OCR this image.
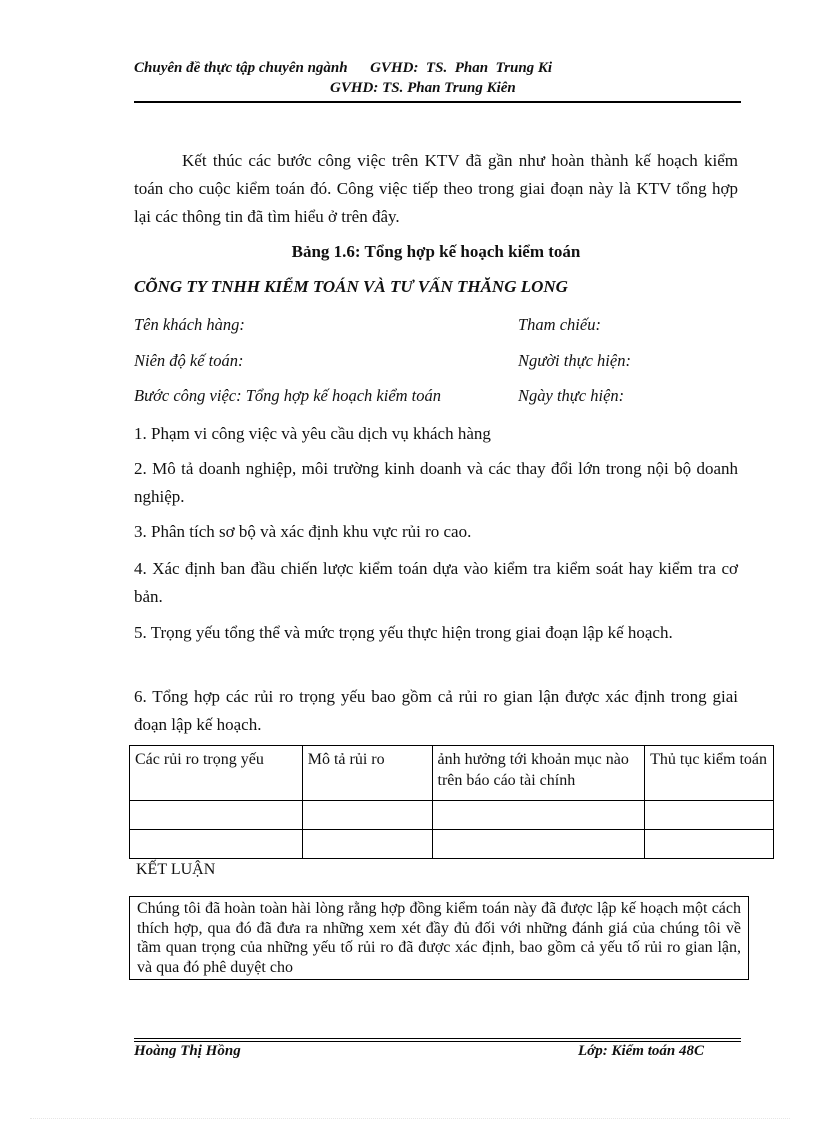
Chuyên đề thực tập chuyên ngành      GVHD:  TS.  Phan  Trung Ki
GVHD: TS. Phan Trung Kiên
Kết thúc các bước công việc trên KTV đã gần như hoàn thành kế hoạch kiểm toán cho cuộc kiểm toán đó. Công việc tiếp theo trong giai đoạn này là KTV tổng hợp lại các thông tin đã tìm hiểu ở trên đây.
Bảng 1.6: Tổng hợp kế hoạch kiểm toán
CÕNG TY TNHH KIỂM TOÁN VÀ TƯ VẤN THĂNG LONG
Tên khách hàng:	Tham chiếu:
Niên độ kế toán:	Người thực hiện:
Bước công việc: Tổng hợp kế hoạch kiểm toán	Ngày thực hiện:
1. Phạm vi công việc và yêu cầu dịch vụ khách hàng
2. Mô tả doanh nghiệp, môi trường kinh doanh và các thay đổi lớn trong nội bộ doanh nghiệp.
3. Phân tích sơ bộ và xác định khu vực rủi ro cao.
4. Xác định ban đầu chiến lược kiểm toán dựa vào kiểm tra kiểm soát hay kiểm tra cơ bản.
5. Trọng yếu tổng thể và mức trọng yếu thực hiện trong giai đoạn lập kế hoạch.
6. Tổng hợp các rủi ro trọng yếu bao gồm cả rủi ro gian lận được xác định trong giai đoạn lập kế hoạch.
Các rủi ro trọng yếu	Mô tả rủi ro	ảnh hưởng tới khoản mục nào trên báo cáo tài chính	Thủ tục kiểm toán

KẾT LUẬN
Chúng tôi đã hoàn toàn hài lòng rằng hợp đồng kiểm toán này đã được lập kế hoạch một cách thích hợp, qua đó đã đưa ra những xem xét đầy đủ đối với những đánh giá của chúng tôi về tầm quan trọng của những yếu tố rủi ro đã được xác định, bao gồm cả yếu tố rủi ro gian lận, và qua đó phê duyệt cho
Hoàng Thị Hồng	Lớp: Kiểm toán 48C
